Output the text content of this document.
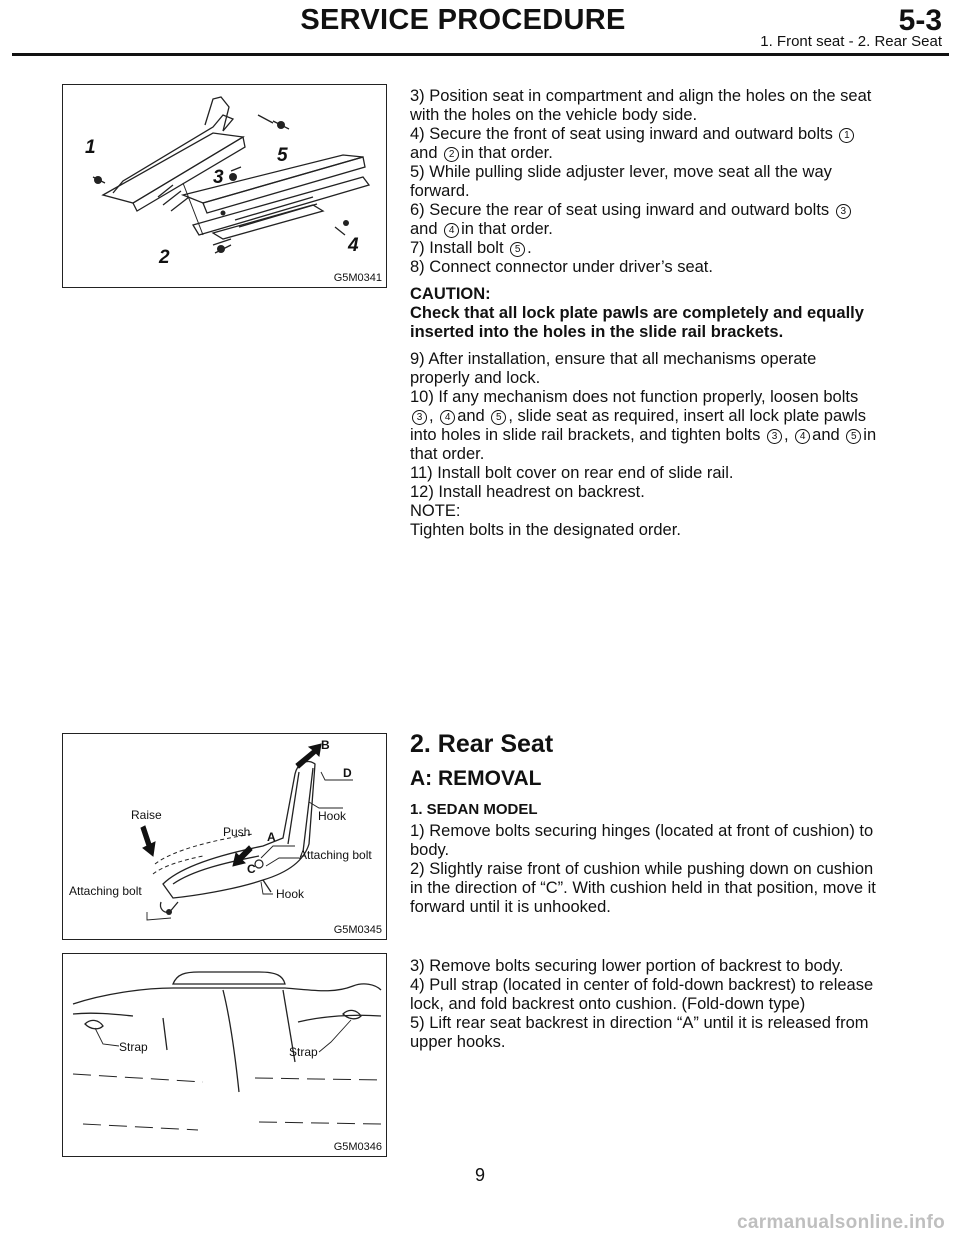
SERVICE PROCEDURE	5-3
1. Front seat - 2. Rear Seat
1
2
3
4
5
G5M0341

3) Position seat in compartment and align the holes on the seat with the holes on the vehicle body side.

4) Secure the front of seat using inward and outward bolts 1and 2 in that order.

5) While pulling slide adjuster lever, move seat all the way forward.

6) Secure the rear of seat using inward and outward bolts 3and 4 in that order.

7) Install bolt 5 .

8) Connect connector under driver’s seat.

CAUTION:

Check that all lock plate pawls are completely and equally inserted into the holes in the slide rail brackets.

9) After installation, ensure that all mechanisms operate properly and lock.

10) If any mechanism does not function properly, loosen bolts 3 , 4 and 5 , slide seat as required, insert all lock plate pawls into holes in slide rail brackets, and tighten bolts 3 , 4 and 5 in that order.

11) Install bolt cover on rear end of slide rail.

12) Install headrest on backrest.

NOTE:

Tighten bolts in the designated order.

B
D
Hook
Raise
Push A
Attaching bolt
C
Attaching bolt	Hook
G5M0345
2. Rear Seat
A: REMOVAL
1. SEDAN MODEL

1) Remove bolts securing hinges (located at front of cushion) to body.

2) Slightly raise front of cushion while pushing down on cushion in the direction of “C”. With cushion held in that position, move it forward until it is unhooked.

Strap	Strap
G5M0346

3) Remove bolts securing lower portion of backrest to body.

4) Pull strap (located in center of fold-down backrest) to release lock, and fold backrest onto cushion. (Fold-down type)

5) Lift rear seat backrest in direction “A” until it is released from upper hooks.

9
carmanualsonline.info
